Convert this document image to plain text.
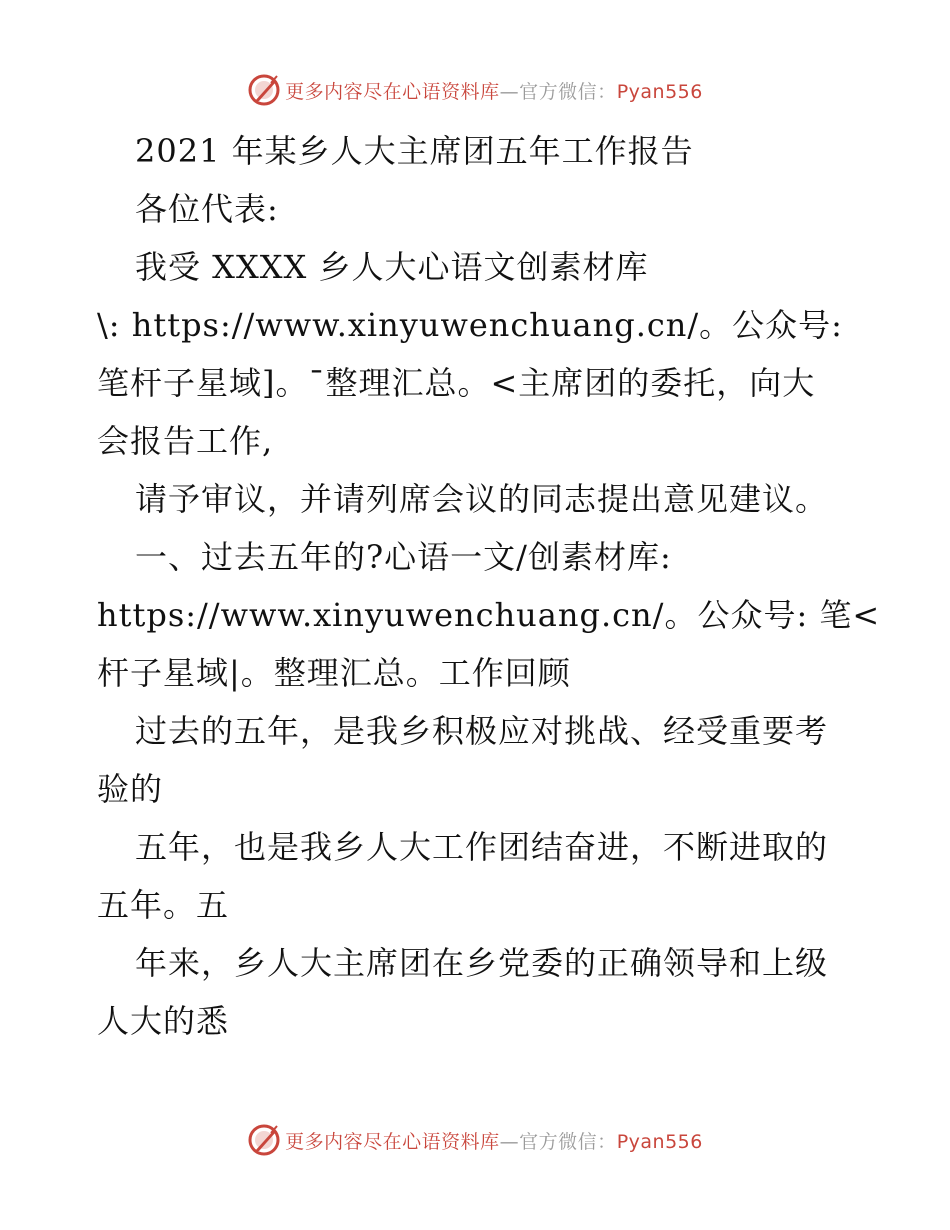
更多内容尽在心语资料库—官方微信：Pyan556
2021 年某乡人大主席团五年工作报告
各位代表:
我受 XXXX 乡人大心语文创素材库
\: https://www.xinyuwenchuang.cn/。公众号:
笔杆子星域]。¯整理汇总。<主席团的委托，向大
会报告工作,
请予审议，并请列席会议的同志提出意见建议。
一、过去五年的?心语一文/创素材库:
https://www.xinyuwenchuang.cn/。公众号: 笔<
杆子星域|。整理汇总。工作回顾
过去的五年，是我乡积极应对挑战、经受重要考
验的
五年，也是我乡人大工作团结奋进，不断进取的
五年。五
年来，乡人大主席团在乡党委的正确领导和上级
人大的悉
更多内容尽在心语资料库—官方微信：Pyan556
